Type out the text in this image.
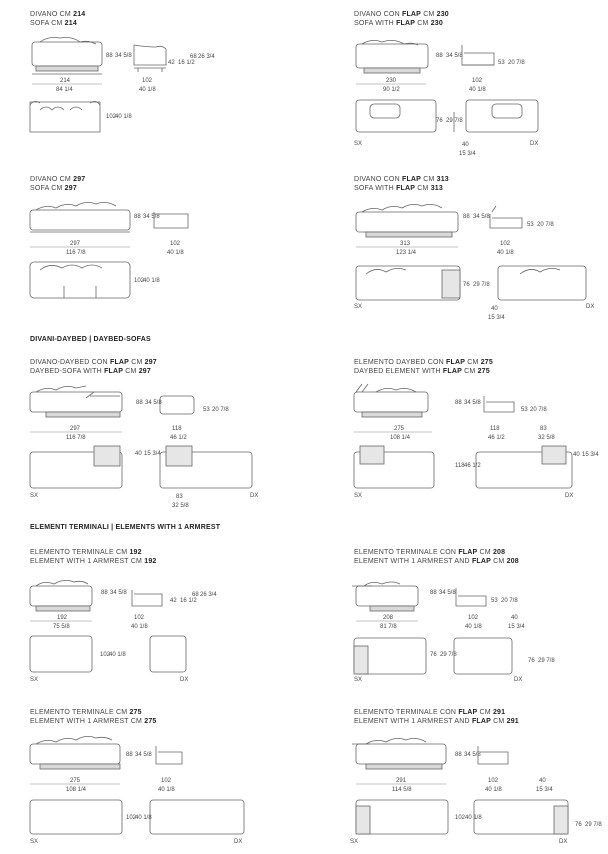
DIVANI-DAYBED | DAYBED-SOFAS
ELEMENTI TERMINALI | ELEMENTS WITH 1 ARMREST
DIVANO CM 214
SOFA CM 214
DIVANO CON FLAP CM 230
SOFA WITH FLAP CM 230
DIVANO CM 297
SOFA CM 297
DIVANO CON FLAP CM 313
SOFA WITH FLAP CM 313
DIVANO-DAYBED CON FLAP CM 297
DAYBED-SOFA WITH FLAP CM 297
ELEMENTO DAYBED CON FLAP CM 275
DAYBED ELEMENT WITH FLAP CM 275
ELEMENTO TERMINALE CM 192
ELEMENT WITH 1 ARMREST CM 192
ELEMENTO TERMINALE CON FLAP CM 208
ELEMENT WITH 1 ARMREST AND FLAP CM 208
ELEMENTO TERMINALE CM 275
ELEMENT WITH 1 ARMREST CM 275
ELEMENTO TERMINALE CON FLAP CM 291
ELEMENT WITH 1 ARMREST AND FLAP CM 291
214
84 1/4
102
40 1/8
88 34 5/8
42 16 1/2
68 26 3/4
102
40 1/8
230
90 1/2
102
40 1/8
88 34 5/8
53 20 7/8
76 29 7/8
40
15 3/4
SX	DX
297
116 7/8
102
40 1/8
88 34 5/8
102
40 1/8
313
123 1/4
102
40 1/8
88 34 5/8
53 20 7/8
76 29 7/8
40
15 3/4
SX	DX
297
116 7/8
118
46 1/2
88 34 5/8
53 20 7/8
40 15 3/4
83
32 5/8
SX	DX
275
108 1/4
118
46 1/2
83
32 5/8
88 34 5/8
53 20 7/8
118 46 1/2
40 15 3/4
SX	DX
192
75 5/8
102
40 1/8
88 34 5/8
42 16 1/2
68 26 3/4
102
40 1/8
SX	DX
208
81 7/8
102
40 1/8
40
15 3/4
88 34 5/8
53 20 7/8
76 29 7/8
76 29 7/8
SX	DX
275
108 1/4
102
40 1/8
88 34 5/8
102
40 1/8
SX	DX
291
114 5/8
102
40 1/8
40
15 3/4
88 34 5/8
102 40 1/8
76 29 7/8
SX	DX
